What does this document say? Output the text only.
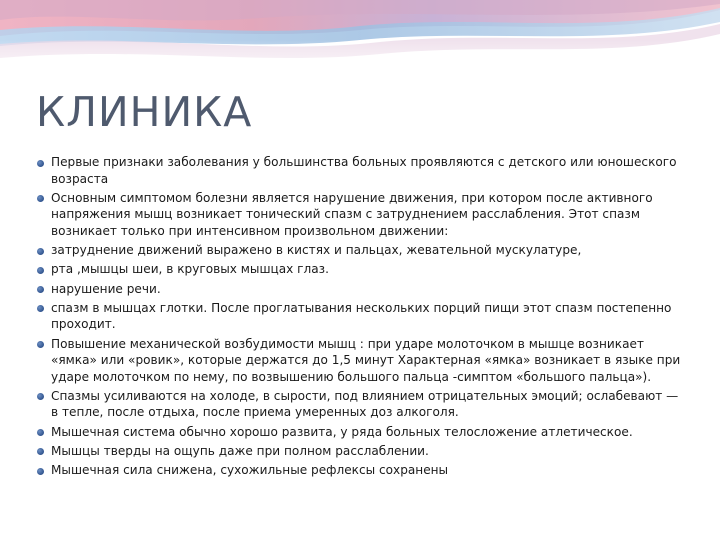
КЛИНИКА
Первые признаки заболевания у большинства больных проявляются с детского или юношеского возраста
Основным симптомом болезни является нарушение движения, при котором после активного напряжения мышц возникает тонический спазм с затруднением расслабления. Этот спазм возникает только при интенсивном произвольном движении:
затруднение движений выражено в кистях и пальцах, жевательной мускулатуре,
рта ,мышцы шеи, в круговых мышцах глаз.
нарушение речи.
спазм в мышцах глотки. После проглатывания нескольких порций пищи этот спазм постепенно проходит.
Повышение механической возбудимости мышц : при ударе молоточком в мышце возникает «ямка» или «ровик», которые держатся до 1,5 минут Характерная «ямка» возникает в языке при ударе молоточком по нему, по возвышению большого пальца -симптом «большого пальца»).
Спазмы усиливаются на холоде, в сырости, под влиянием отрицательных эмоций; ослабевают — в тепле, после отдыха, после приема умеренных доз алкоголя.
Мышечная система обычно хорошо развита, у ряда больных телосложение атлетическое.
Мышцы тверды на ощупь даже при полном расслаблении.
Мышечная сила снижена, сухожильные рефлексы сохранены
